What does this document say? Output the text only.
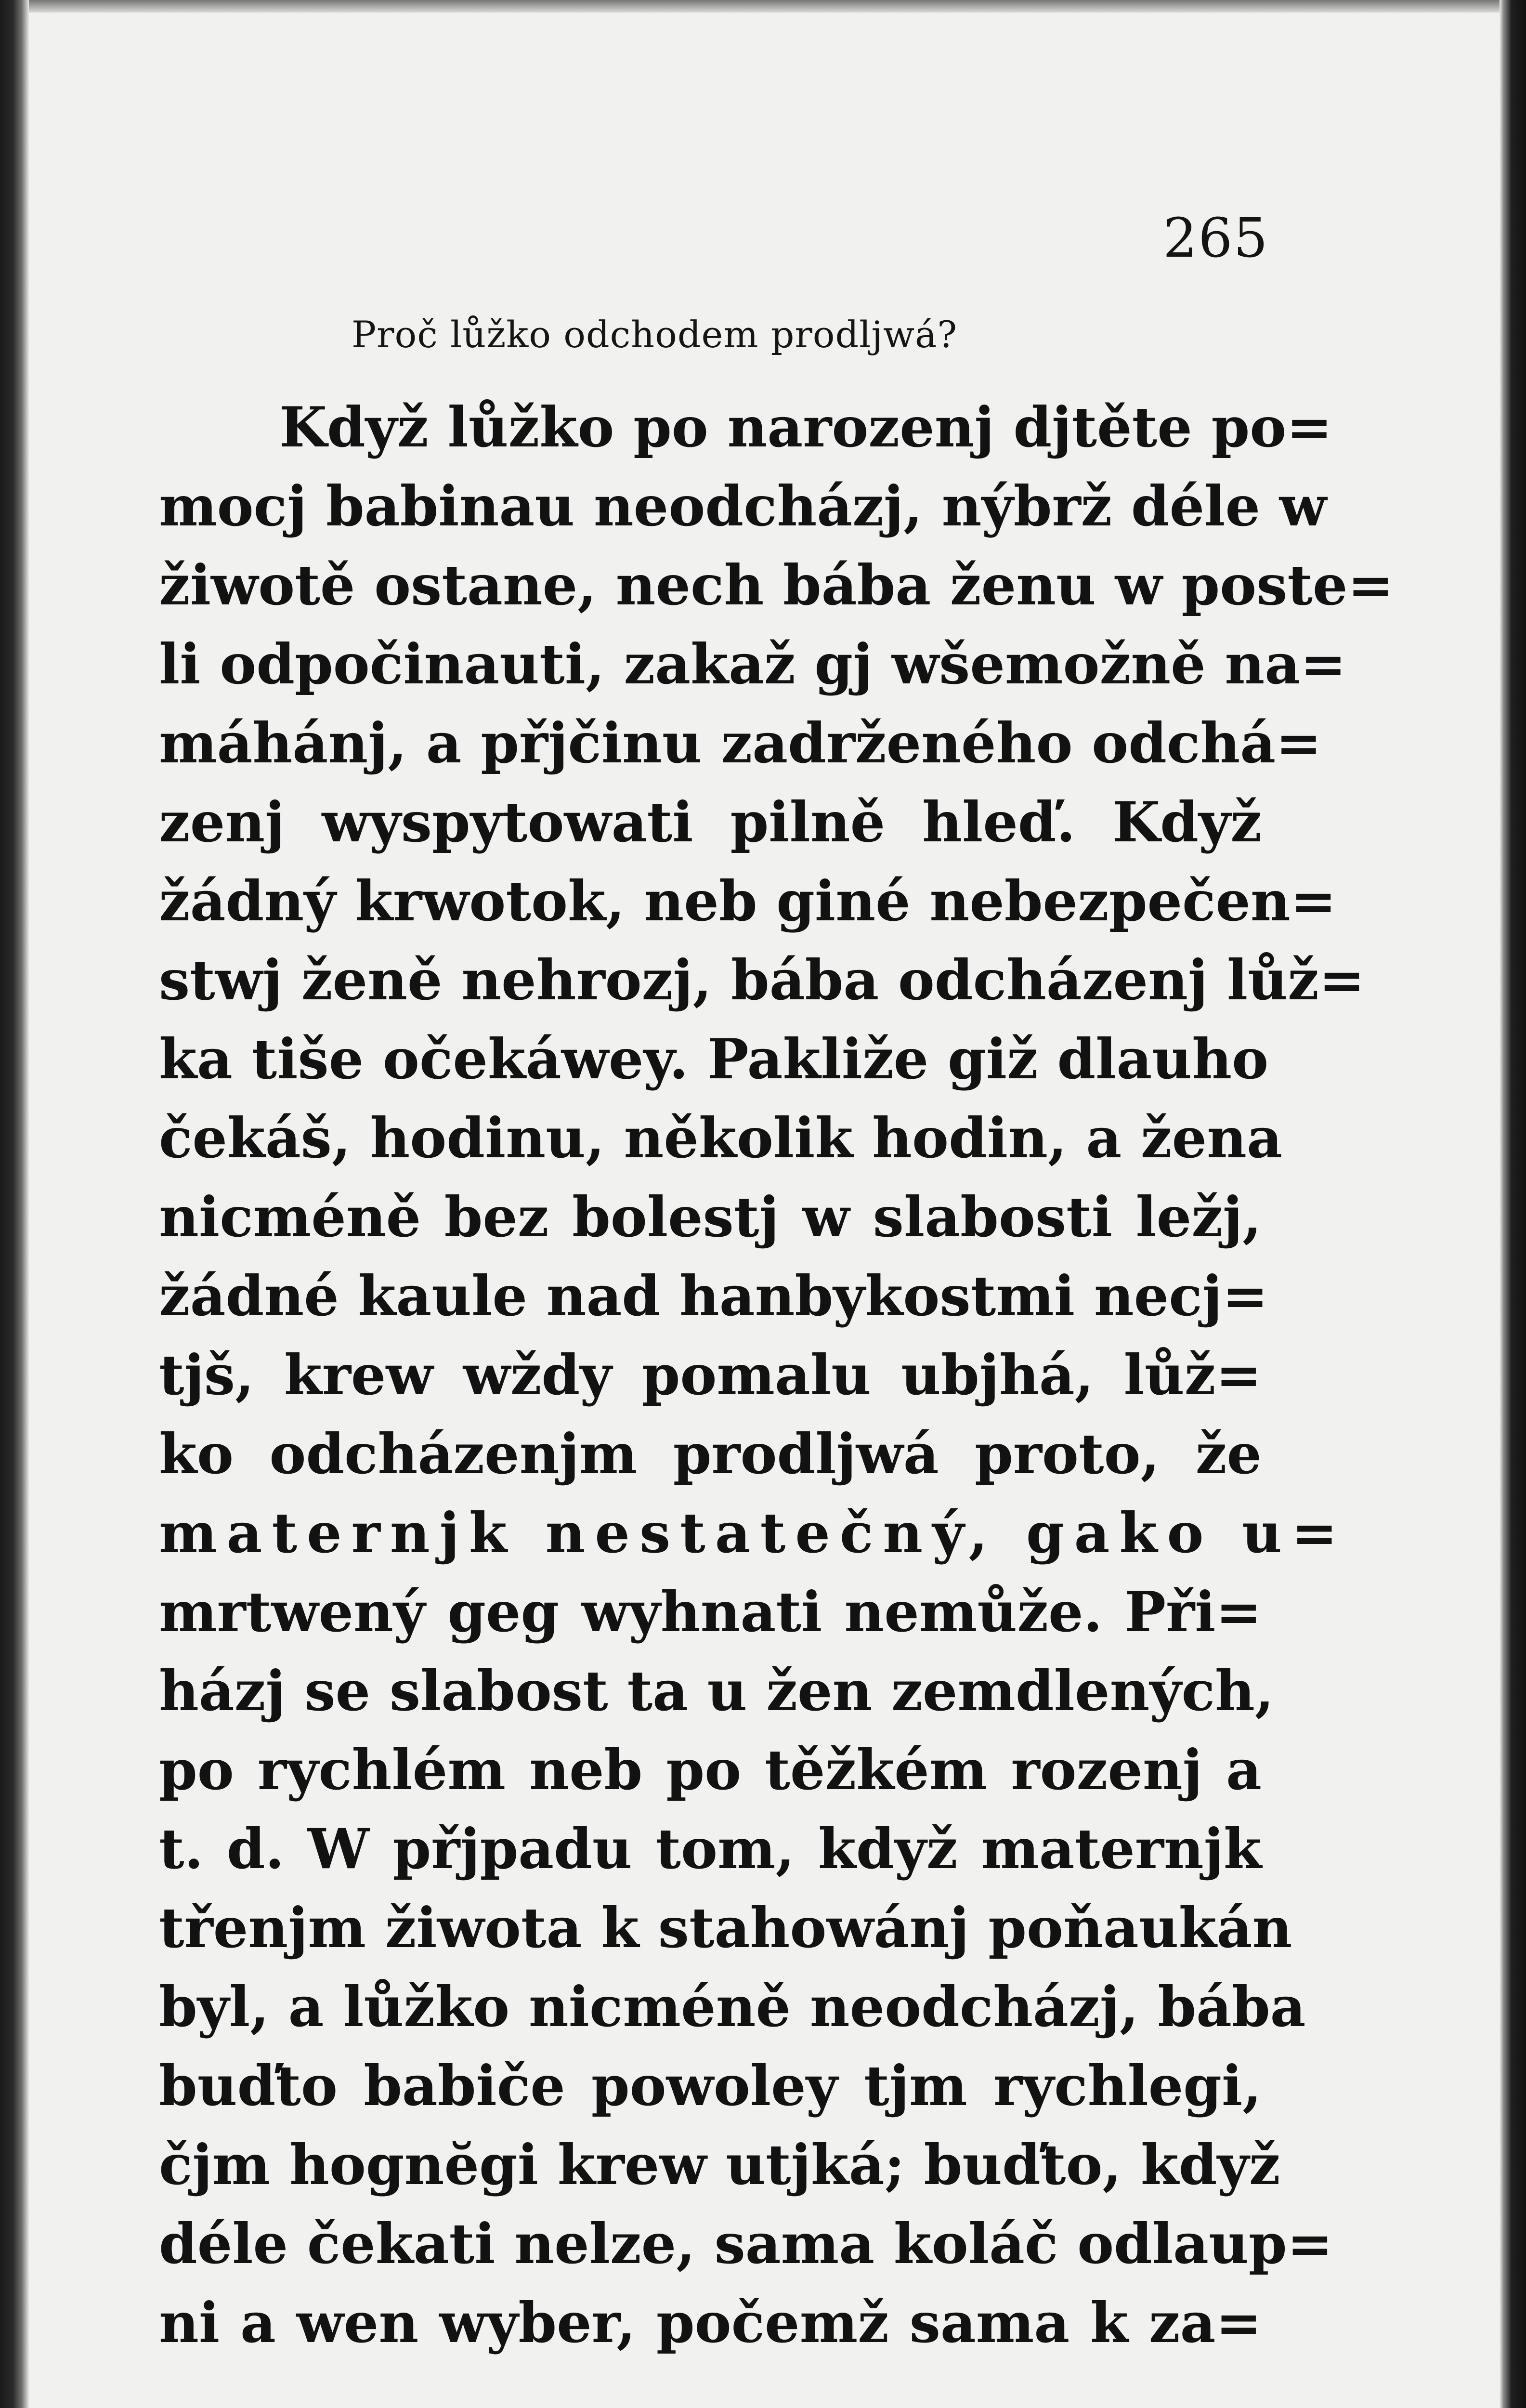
265
Proč lůžko odchodem prodljwá?
Když lůžko po narozenj djtěte po=
mocj babinau neodcházj, nýbrž déle w
žiwotě ostane, nech bába ženu w poste=
li odpočinauti, zakaž gj wšemožně na=
máhánj, a přjčinu zadrženého odchá=
zenj wyspytowati pilně hleď. Když
žádný krwotok, neb giné nebezpečen=
stwj ženě nehrozj, bába odcházenj lůž=
ka tiše očekáwey. Pakliže giž dlauho
čekáš, hodinu, několik hodin, a žena
nicméně bez bolestj w slabosti ležj,
žádné kaule nad hanbykostmi necj=
tjš, krew wždy pomalu ubjhá, lůž=
ko odcházenjm prodljwá proto, že
maternjk nestatečný, gako u=
mrtwený geg wyhnati nemůže. Při=
házj se slabost ta u žen zemdlených,
po rychlém neb po těžkém rozenj a
t. d. W přjpadu tom, když maternjk
třenjm žiwota k stahowánj poňaukán
byl, a lůžko nicméně neodcházj, bába
buďto babiče powoley tjm rychlegi,
čjm hognĕgi krew utjká; buďto, když
déle čekati nelze, sama koláč odlaup=
ni a wen wyber, počemž sama k za=
